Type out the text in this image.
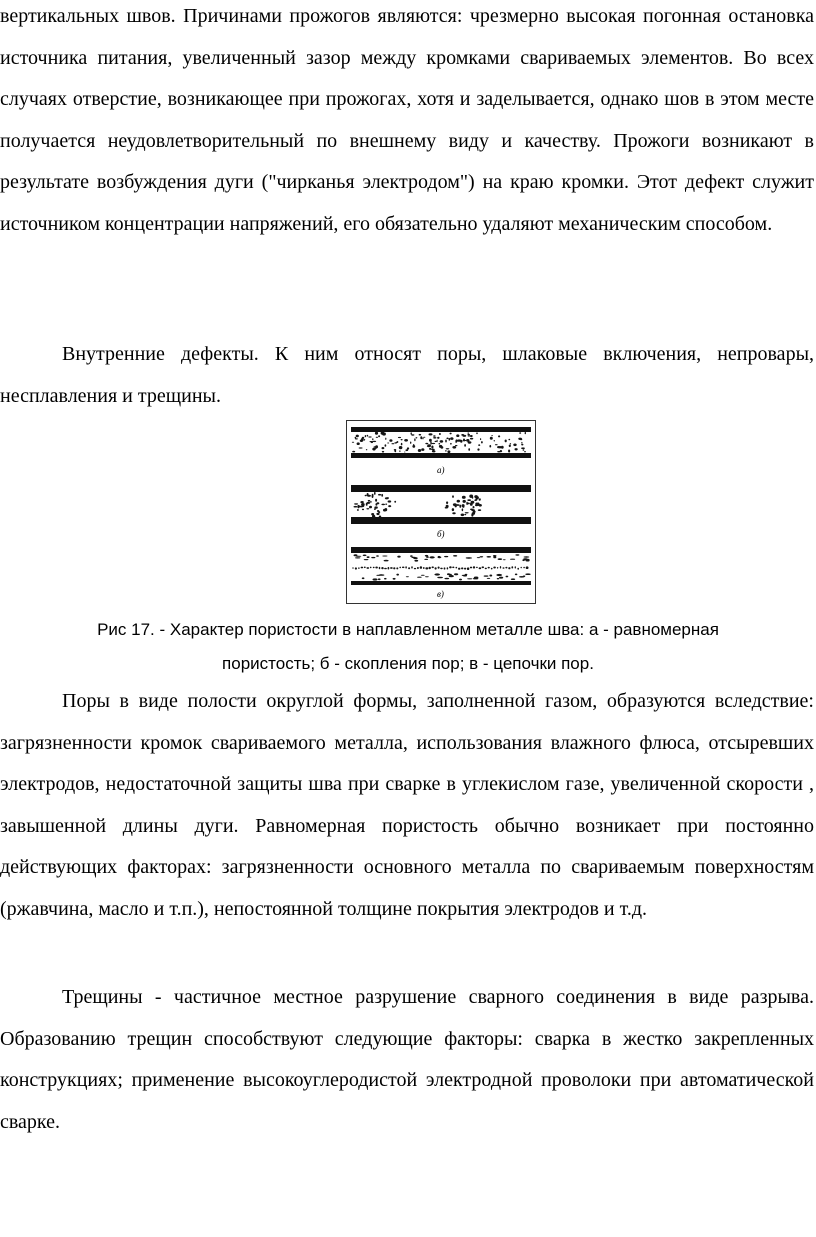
вертикальных швов. Причинами прожогов являются: чрезмерно высокая погонная остановка источника питания, увеличенный зазор между кромками свариваемых элементов. Во всех случаях отверстие, возникающее при прожогах, хотя и заделывается, однако шов в этом месте получается неудовлетворительный по внешнему виду и качеству. Прожоги возникают в результате возбуждения дуги ("чирканья электродом") на краю кромки. Этот дефект служит источником концентрации напряжений, его обязательно удаляют механическим способом.

Внутренние дефекты. К ним относят поры, шлаковые включения, непровары, несплавления и трещины.

а)
б)
в)

Рис 17. - Характер пористости в наплавленном металле шва: а - равномерная

пористость; б - скопления пор; в - цепочки пор.

Поры в виде полости округлой формы, заполненной газом, образуются вследствие: загрязненности кромок свариваемого металла, использования влажного флюса, отсыревших электродов, недостаточной защиты шва при сварке в углекислом газе, увеличенной скорости , завышенной длины дуги. Равномерная пористость обычно возникает при постоянно действующих факторах: загрязненности основного металла по свариваемым поверхностям (ржавчина, масло и т.п.), непостоянной толщине покрытия электродов и т.д.

Трещины - частичное местное разрушение сварного соединения в виде разрыва. Образованию трещин способствуют следующие факторы: сварка в жестко закрепленных конструкциях; применение высокоуглеродистой электродной проволоки при автоматической сварке.
